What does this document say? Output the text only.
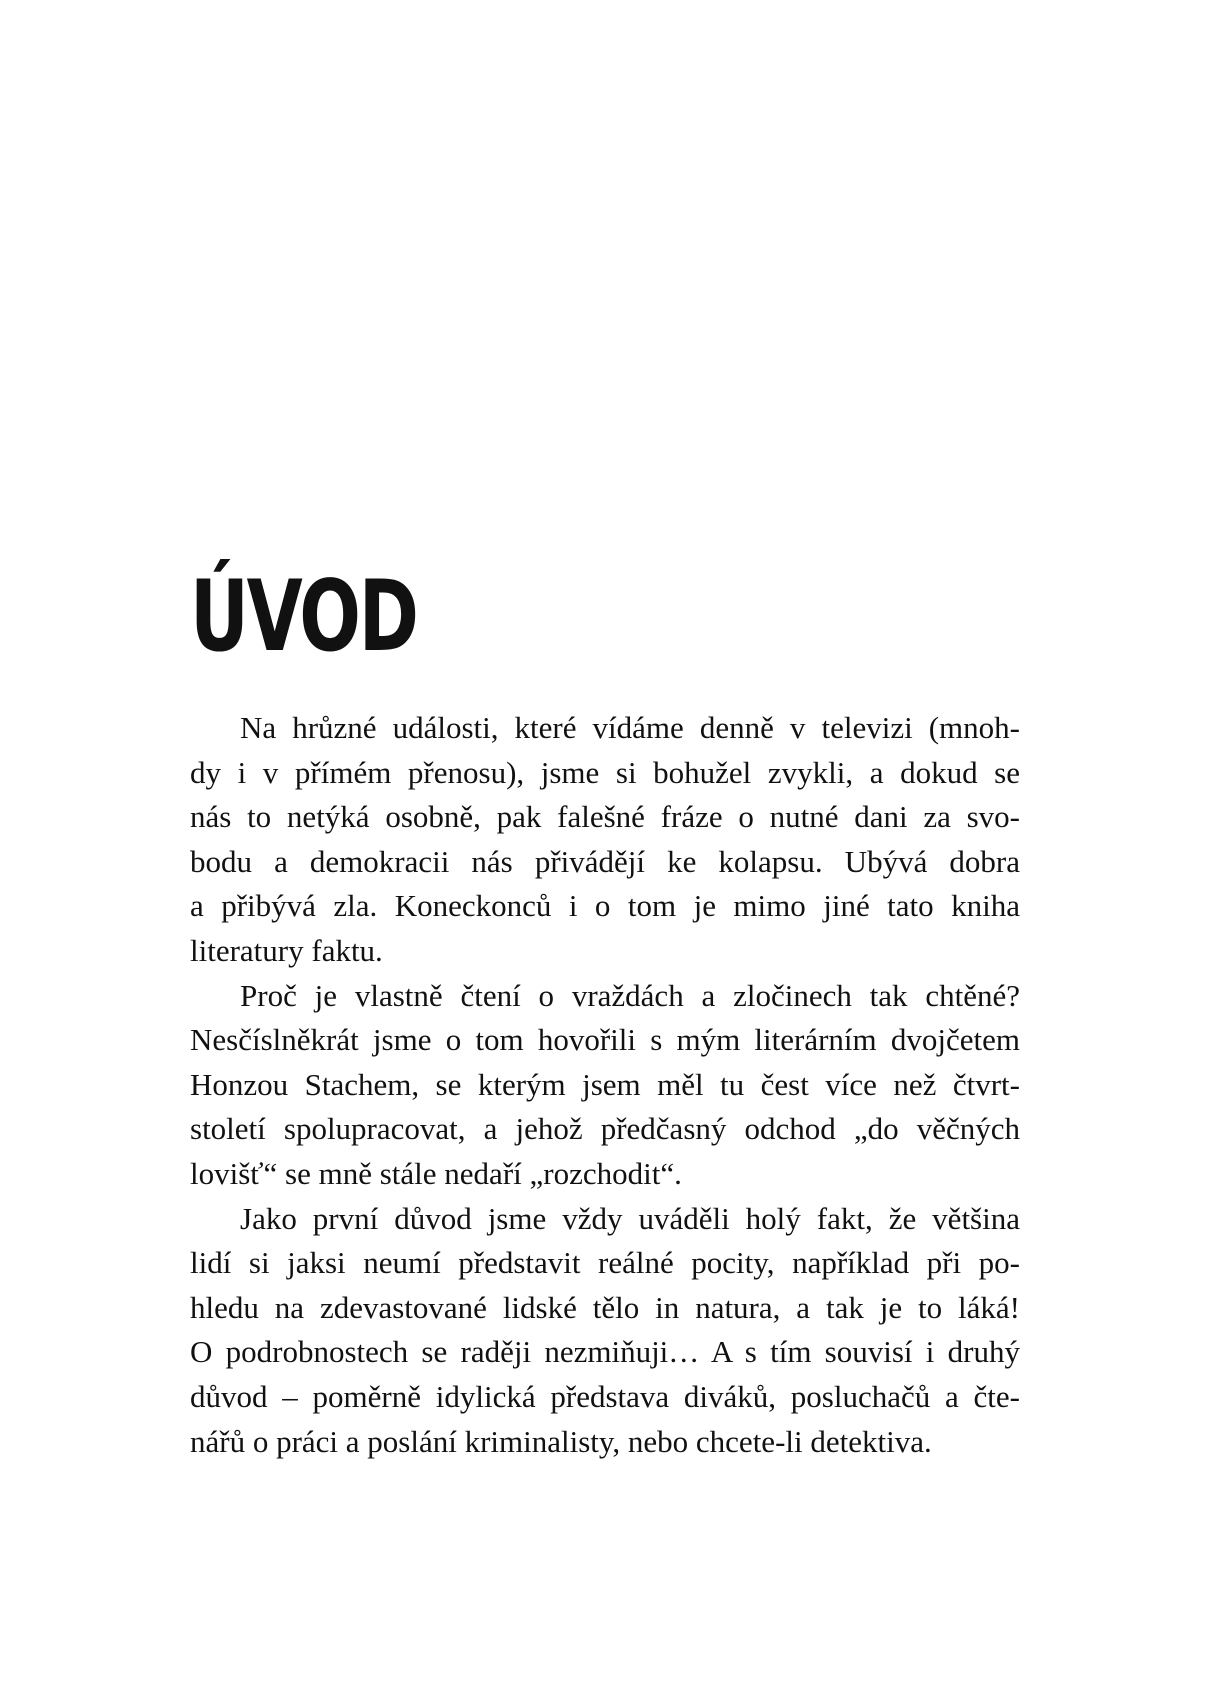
ÚVOD
Na hrůzné události, které vídáme denně v televizi (mnoh-
dy i v přímém přenosu), jsme si bohužel zvykli, a dokud se
nás to netýká osobně, pak falešné fráze o nutné dani za svo-
bodu a demokracii nás přivádějí ke kolapsu. Ubývá dobra
a přibývá zla. Koneckonců i o tom je mimo jiné tato kniha
literatury faktu.
Proč je vlastně čtení o vraždách a zločinech tak chtěné?
Nesčíslněkrát jsme o tom hovořili s mým literárním dvojčetem
Honzou Stachem, se kterým jsem měl tu čest více než čtvrt-
století spolupracovat, a jehož předčasný odchod „do věčných
lovišť“ se mně stále nedaří „rozchodit“.
Jako první důvod jsme vždy uváděli holý fakt, že většina
lidí si jaksi neumí představit reálné pocity, například při po-
hledu na zdevastované lidské tělo in natura, a tak je to láká!
O podrobnostech se raději nezmiňuji… A s tím souvisí i druhý
důvod – poměrně idylická představa diváků, posluchačů a čte-
nářů o práci a poslání kriminalisty, nebo chcete-li detektiva.
